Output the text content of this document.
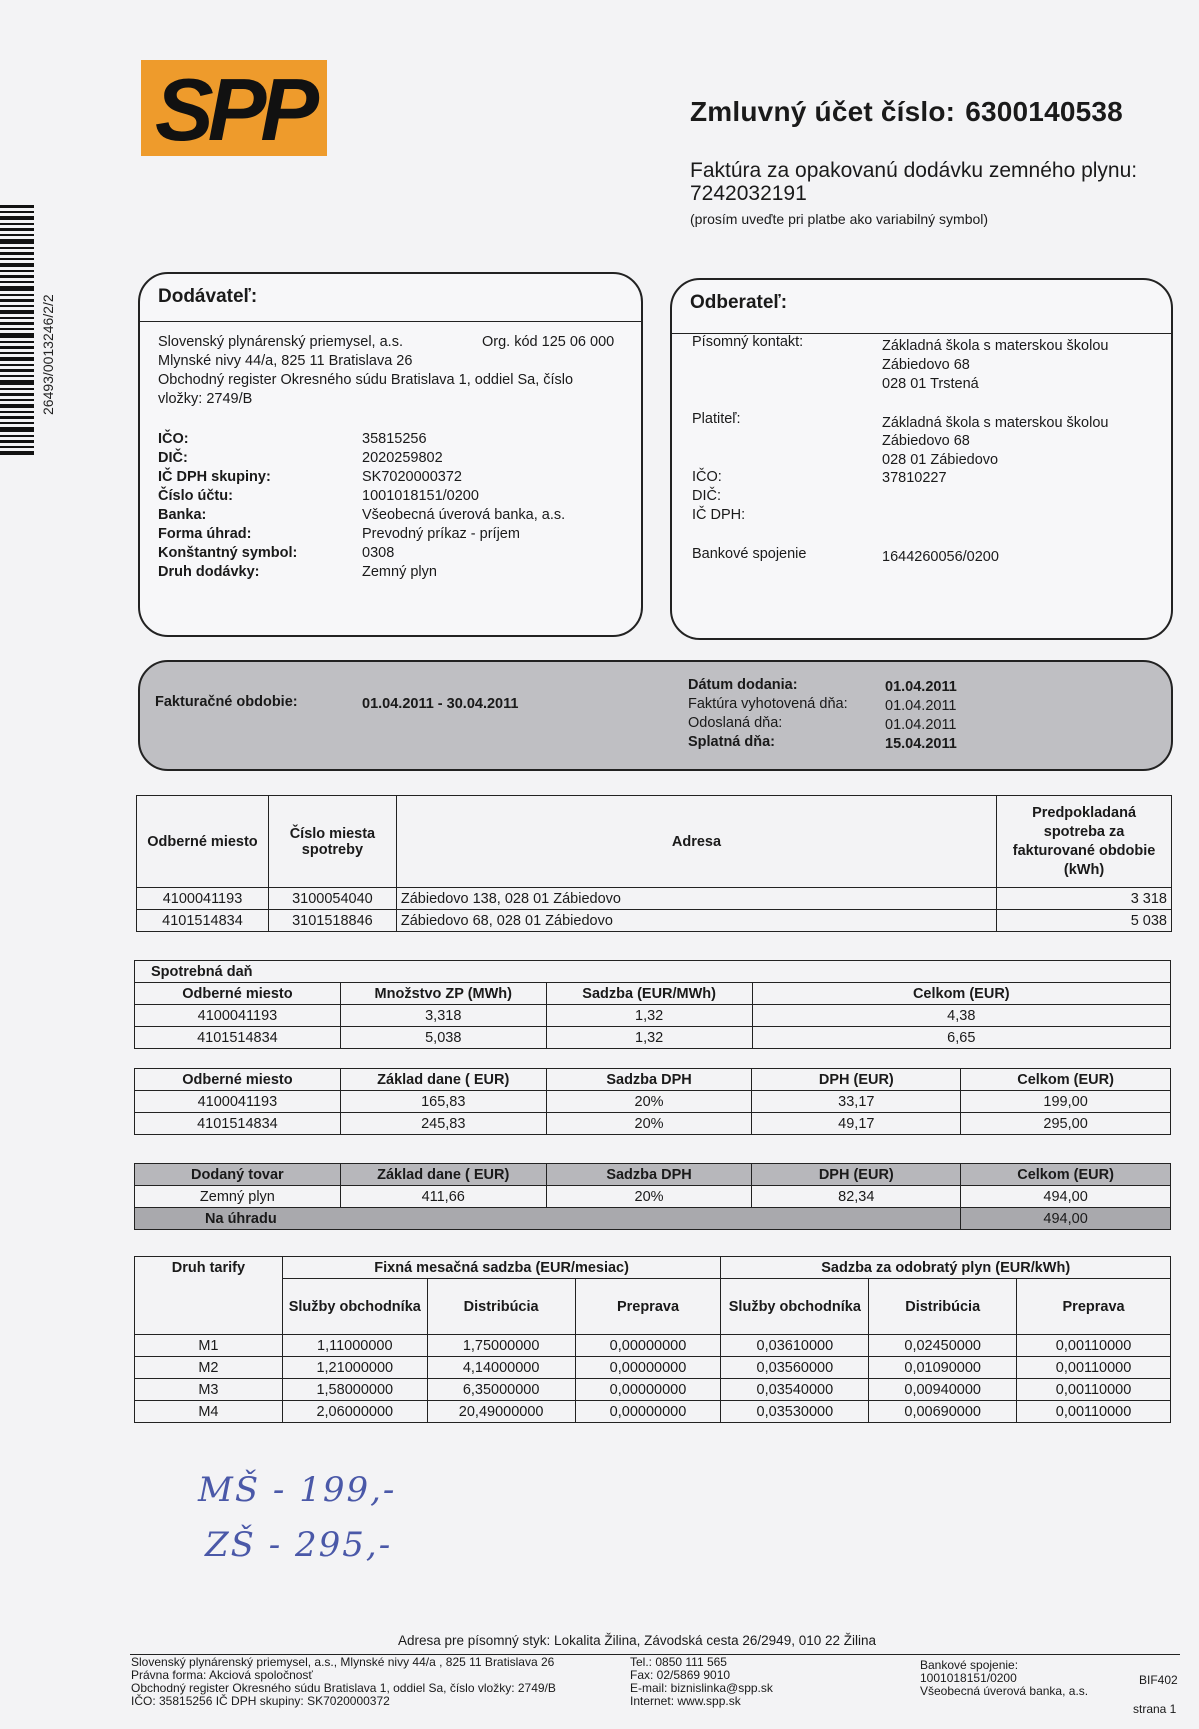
SPP
26493/0013246/2/2
Zmluvný účet číslo: 6300140538
Faktúra za opakovanú dodávku zemného plynu:
7242032191
(prosím uveďte pri platbe ako variabilný symbol)
Dodávateľ:
Slovenský plynárenský priemysel, a.s.	Org. kód 125 06 000
Mlynské nivy 44/a, 825 11 Bratislava 26
Obchodný register Okresného súdu Bratislava 1, oddiel Sa, číslo
vložky: 2749/B
IČO:	35815256
DIČ:	2020259802
IČ DPH skupiny:	SK7020000372
Číslo účtu:	1001018151/0200
Banka:	Všeobecná úverová banka, a.s.
Forma úhrad:	Prevodný príkaz - príjem
Konštantný symbol:	0308
Druh dodávky:	Zemný plyn
Odberateľ:
Písomný kontakt:	Základná škola s materskou školou
Zábiedovo 68
028 01 Trstená
Platiteľ:	Základná škola s materskou školou
Zábiedovo 68
028 01 Zábiedovo
IČO:	37810227
DIČ:
IČ DPH:
Bankové spojenie	1644260056/0200
Fakturačné obdobie:	01.04.2011 - 30.04.2011
Dátum dodania:	01.04.2011
Faktúra vyhotovená dňa:	01.04.2011
Odoslaná dňa:	01.04.2011
Splatná dňa:	15.04.2011
Odberné miesto	Číslo miesta spotreby	Adresa	Predpokladaná spotreba za fakturované obdobie (kWh)
4100041193	3100054040	Zábiedovo 138, 028 01 Zábiedovo	3 318
4101514834	3101518846	Zábiedovo 68, 028 01 Zábiedovo	5 038
Spotrebná daň			
Odberné miesto	Množstvo ZP (MWh)	Sadzba (EUR/MWh)	Celkom (EUR)
4100041193	3,318	1,32	4,38
4101514834	5,038	1,32	6,65
Odberné miesto	Základ dane ( EUR)	Sadzba DPH	DPH (EUR)	Celkom (EUR)
4100041193	165,83	20%	33,17	199,00
4101514834	245,83	20%	49,17	295,00
Dodaný tovar	Základ dane ( EUR)	Sadzba DPH	DPH (EUR)	Celkom (EUR)
Zemný plyn	411,66	20%	82,34	494,00
Na úhradu				494,00
Druh tarify	Fixná mesačná sadzba (EUR/mesiac)			Sadzba za odobratý plyn (EUR/kWh)		
	Služby obchodníka	Distribúcia	Preprava	Služby obchodníka	Distribúcia	Preprava
M1	1,11000000	1,75000000	0,00000000	0,03610000	0,02450000	0,00110000
M2	1,21000000	4,14000000	0,00000000	0,03560000	0,01090000	0,00110000
M3	1,58000000	6,35000000	0,00000000	0,03540000	0,00940000	0,00110000
M4	2,06000000	20,49000000	0,00000000	0,03530000	0,00690000	0,00110000
MŠ - 199,-
ZŠ - 295,-
Adresa pre písomný styk: Lokalita Žilina, Závodská cesta 26/2949, 010 22 Žilina
Slovenský plynárenský priemysel, a.s., Mlynské nivy 44/a , 825 11 Bratislava 26
Právna forma: Akciová spoločnosť
Obchodný register Okresného súdu Bratislava 1, oddiel Sa, číslo vložky: 2749/B
IČO: 35815256 IČ DPH skupiny: SK7020000372
Tel.: 0850 111 565
Fax: 02/5869 9010
E-mail: biznislinka@spp.sk
Internet: www.spp.sk
Bankové spojenie:
1001018151/0200
Všeobecná úverová banka, a.s.
BIF402
strana 1
